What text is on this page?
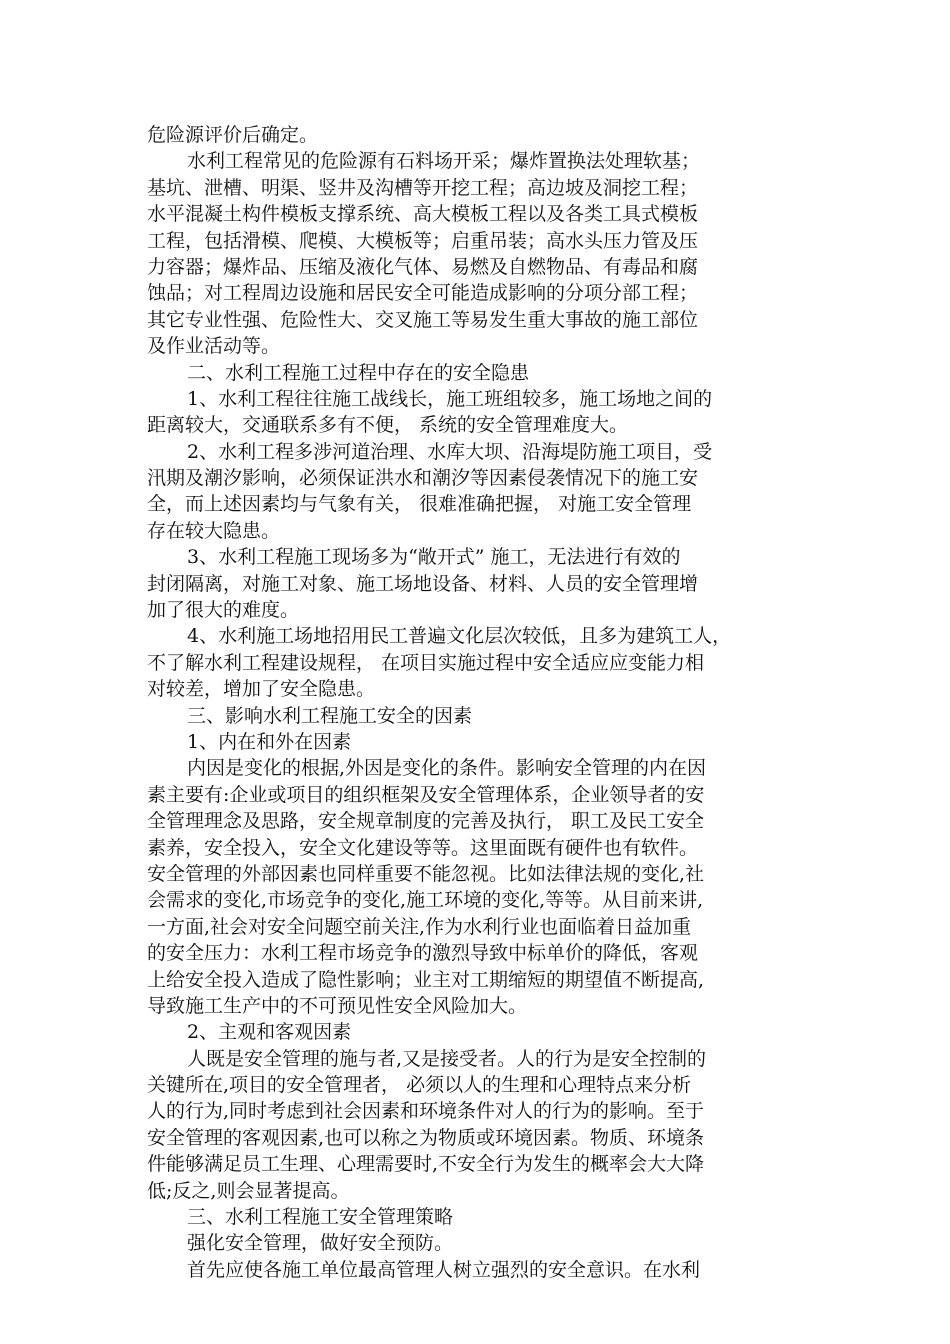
危险源评价后确定。
水利工程常见的危险源有石料场开采；爆炸置换法处理软基；
基坑、泄槽、明渠、竖井及沟槽等开挖工程；高边坡及洞挖工程；
水平混凝土构件模板支撑系统、高大模板工程以及各类工具式模板
工程，包括滑模、爬模、大模板等；启重吊装；高水头压力管及压
力容器；爆炸品、压缩及液化气体、易燃及自燃物品、有毒品和腐
蚀品；对工程周边设施和居民安全可能造成影响的分项分部工程；
其它专业性强、危险性大、交叉施工等易发生重大事故的施工部位
及作业活动等。
二、水利工程施工过程中存在的安全隐患
1、水利工程往往施工战线长，施工班组较多，施工场地之间的
距离较大，交通联系多有不便， 系统的安全管理难度大。
2、水利工程多涉河道治理、水库大坝、沿海堤防施工项目，受
汛期及潮汐影响，必须保证洪水和潮汐等因素侵袭情况下的施工安
全，而上述因素均与气象有关， 很难准确把握， 对施工安全管理
存在较大隐患。
3、水利工程施工现场多为“敞开式” 施工，无法进行有效的
封闭隔离，对施工对象、施工场地设备、材料、人员的安全管理增
加了很大的难度。
4、水利施工场地招用民工普遍文化层次较低，且多为建筑工人，
不了解水利工程建设规程， 在项目实施过程中安全适应应变能力相
对较差，增加了安全隐患。
三、影响水利工程施工安全的因素
1、内在和外在因素
内因是变化的根据,外因是变化的条件。影响安全管理的内在因
素主要有:企业或项目的组织框架及安全管理体系，企业领导者的安
全管理理念及思路，安全规章制度的完善及执行， 职工及民工安全
素养，安全投入，安全文化建设等等。这里面既有硬件也有软件。
安全管理的外部因素也同样重要不能忽视。比如法律法规的变化,社
会需求的变化,市场竞争的变化,施工环境的变化,等等。从目前来讲,
一方面,社会对安全问题空前关注,作为水利行业也面临着日益加重
的安全压力：水利工程市场竞争的激烈导致中标单价的降低，客观
上给安全投入造成了隐性影响；业主对工期缩短的期望值不断提高,
导致施工生产中的不可预见性安全风险加大。
2、主观和客观因素
人既是安全管理的施与者,又是接受者。人的行为是安全控制的
关键所在,项目的安全管理者， 必须以人的生理和心理特点来分析
人的行为,同时考虑到社会因素和环境条件对人的行为的影响。至于
安全管理的客观因素,也可以称之为物质或环境因素。物质、环境条
件能够满足员工生理、心理需要时,不安全行为发生的概率会大大降
低;反之,则会显著提高。
三、水利工程施工安全管理策略
强化安全管理，做好安全预防。
首先应使各施工单位最高管理人树立强烈的安全意识。在水利
